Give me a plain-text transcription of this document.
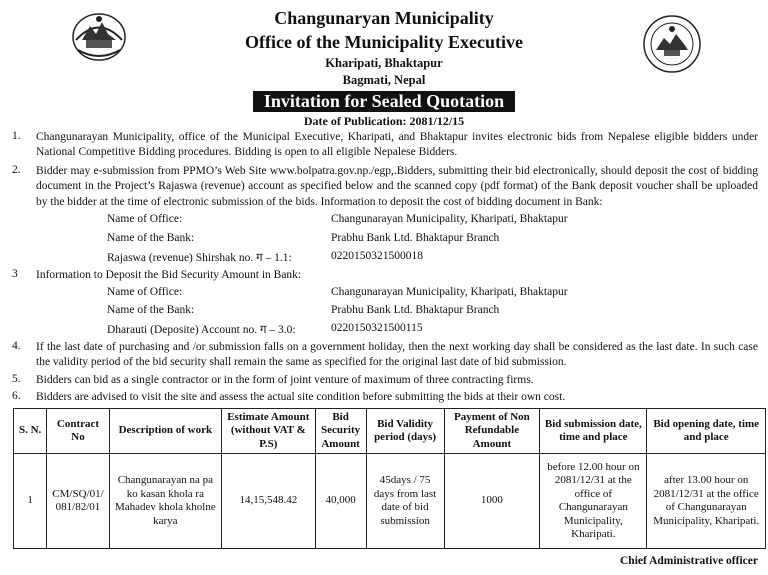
Changunaryan Municipality
Office of the Municipality Executive
Kharipati, Bhaktapur
Bagmati, Nepal
Invitation for Sealed Quotation
Date of Publication: 2081/12/15
1. Changunarayan Municipality, office of the Municipal Executive, Kharipati, and Bhaktapur invites electronic bids from Nepalese eligible bidders under National Competitive Bidding procedures. Bidding is open to all eligible Nepalese Bidders.
2. Bidder may e-submission from PPMO’s Web Site www.bolpatra.gov.np./egp,.Bidders, submitting their bid electronically, should deposit the cost of bidding document in the Project’s Rajaswa (revenue) account as specified below and the scanned copy (pdf format) of the Bank deposit voucher shall be uploaded by the bidder at the time of electronic submission of the bids. Information to deposit the cost of bidding document in Bank:
Name of Office:	Changunarayan Municipality, Kharipati, Bhaktapur
Name of the Bank:	Prabhu Bank Ltd. Bhaktapur Branch
Rajaswa (revenue) Shirshak no. ग – 1.1:	0220150321500018
3 Information to Deposit the Bid Security Amount in Bank:
Name of Office:	Changunarayan Municipality, Kharipati, Bhaktapur
Name of the Bank:	Prabhu Bank Ltd. Bhaktapur Branch
Dharauti (Deposite) Account no. ग – 3.0:	0220150321500115
4. If the last date of purchasing and /or submission falls on a government holiday, then the next working day shall be considered as the last date. In such case the validity period of the bid security shall remain the same as specified for the original last date of bid submission.
5. Bidders can bid as a single contractor or in the form of joint venture of maximum of three contracting firms.
6. Bidders are advised to visit the site and assess the actual site condition before submitting the bids at their own cost.
S. N.	Contract No	Description of work	Estimate Amount (without VAT & P.S)	Bid Security Amount	Bid Validity period (days)	Payment of Non Refundable Amount	Bid submission date, time and place	Bid opening date, time and place
1	CM/SQ/01/ 081/82/01	Changunarayan na pa ko kasan khola ra Mahadev khola kholne karya	14,15,548.42	40,000	45days / 75 days from last date of bid submission	1000	before 12.00 hour on 2081/12/31 at the office of Changunarayan Municipality, Kharipati.	after 13.00 hour on 2081/12/31 at the office of Changunarayan Municipality, Kharipati.
Chief Administrative officer
